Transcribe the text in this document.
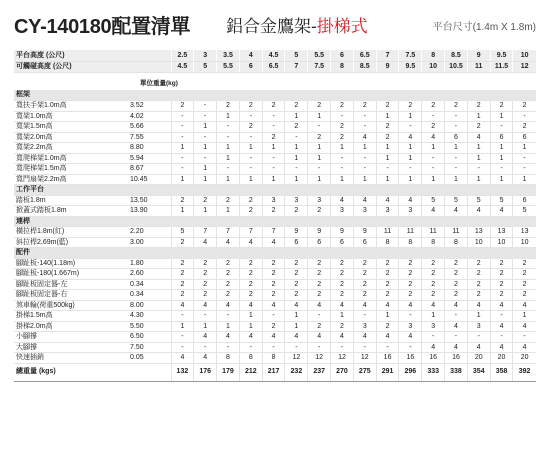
CY-140180配置清單 鋁合金鷹架-掛梯式	平台尺寸(1.4m X 1.8m)
平台高度 (公尺)		2.5	3	3.5	4	4.5	5	5.5	6	6.5	7	7.5	8	8.5	9	9.5	10
可觸碰高度 (公尺)		4.5	5	5.5	6	6.5	7	7.5	8	8.5	9	9.5	10	10.5	11	11.5	12

	單位重量(kg)																
框架																	
寬扶手架1.0m高	3.52	2	-	2	2	2	2	2	2	2	2	2	2	2	2	2	2
寬架1.0m高	4.02	-	-	1	-	-	1	1	-	-	1	1	-	-	1	1	-
寬架1.5m高	5.66	-	1	-	2	-	2	-	2	-	2	-	2	-	2	-	2
寬架2.0m高	7.55	-	-	-	-	2	-	2	2	4	2	4	4	6	4	6	6
寬架2.2m高	8.80	1	1	1	1	1	1	1	1	1	1	1	1	1	1	1	1
寬爬梯架1.0m高	5.94	-	-	1	-	-	1	1	-	-	1	1	-	-	1	1	-
寬爬梯架1.5m高	8.67	-	1	-	-	-	-	-	-	-	-	-	-	-	-	-	-
寬門扇架2.2m高	10.45	1	1	1	1	1	1	1	1	1	1	1	1	1	1	1	1
工作平台																	
踏板1.8m	13.50	2	2	2	2	3	3	3	4	4	4	4	5	5	5	5	6
掀蓋式踏板1.8m	13.90	1	1	1	2	2	2	2	3	3	3	3	4	4	4	4	5
連桿																	
橫拉桿1.8m(紅)	2.20	5	7	7	7	7	9	9	9	9	11	11	11	11	13	13	13
斜拉桿2.69m(藍)	3.00	2	4	4	4	4	6	6	6	6	8	8	8	8	10	10	10
配件																	
腳趾板-140(1.18m)	1.80	2	2	2	2	2	2	2	2	2	2	2	2	2	2	2	2
腳趾板-180(1.667m)	2.60	2	2	2	2	2	2	2	2	2	2	2	2	2	2	2	2
腳趾板固定器-左	0.34	2	2	2	2	2	2	2	2	2	2	2	2	2	2	2	2
腳趾板固定器-右	0.34	2	2	2	2	2	2	2	2	2	2	2	2	2	2	2	2
煞車輪(荷重500kg)	8.00	4	4	4	4	4	4	4	4	4	4	4	4	4	4	4	4
掛梯1.5m高	4.30	-	-	-	1	-	1	-	1	-	1	-	1	-	1	-	1
掛梯2.0m高	5.50	1	1	1	1	2	1	2	2	3	2	3	3	4	3	4	4
小腳撐	6.50	-	4	4	4	4	4	4	4	4	4	4	-	-	-	-	-
大腳撐	7.50	-	-	-	-	-	-	-	-	-	-	-	4	4	4	4	4
快速插銷	0.05	4	4	8	8	8	12	12	12	12	16	16	16	16	20	20	20
總重量 (kgs)		132	176	179	212	217	232	237	270	275	291	296	333	338	354	358	392
